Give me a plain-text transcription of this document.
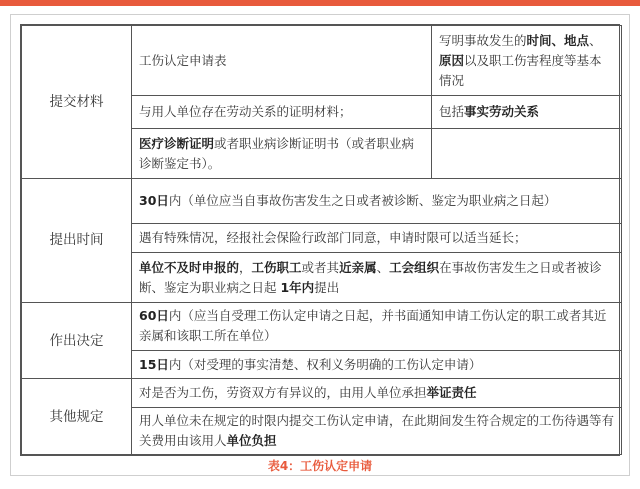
提交材料	工伤认定申请表	写明事故发生的时间、地点、原因以及职工伤害程度等基本情况
	与用人单位存在劳动关系的证明材料；	包括事实劳动关系
	医疗诊断证明或者职业病诊断证明书（或者职业病诊断鉴定书）。	
提出时间	30日内（单位应当自事故伤害发生之日或者被诊断、鉴定为职业病之日起）	
	遇有特殊情况，经报社会保险行政部门同意，申请时限可以适当延长；	
	单位不及时申报的，工伤职工或者其近亲属、工会组织在事故伤害发生之日或者被诊断、鉴定为职业病之日起 1年内提出	
作出决定	60日内（应当自受理工伤认定申请之日起，并书面通知申请工伤认定的职工或者其近亲属和该职工所在单位）	
	15日内（对受理的事实清楚、权利义务明确的工伤认定申请）	
其他规定	对是否为工伤，劳资双方有异议的，由用人单位承担举证责任	
	用人单位未在规定的时限内提交工伤认定申请，在此期间发生符合规定的工伤待遇等有关费用由该用人单位负担	
表4：工伤认定申请
